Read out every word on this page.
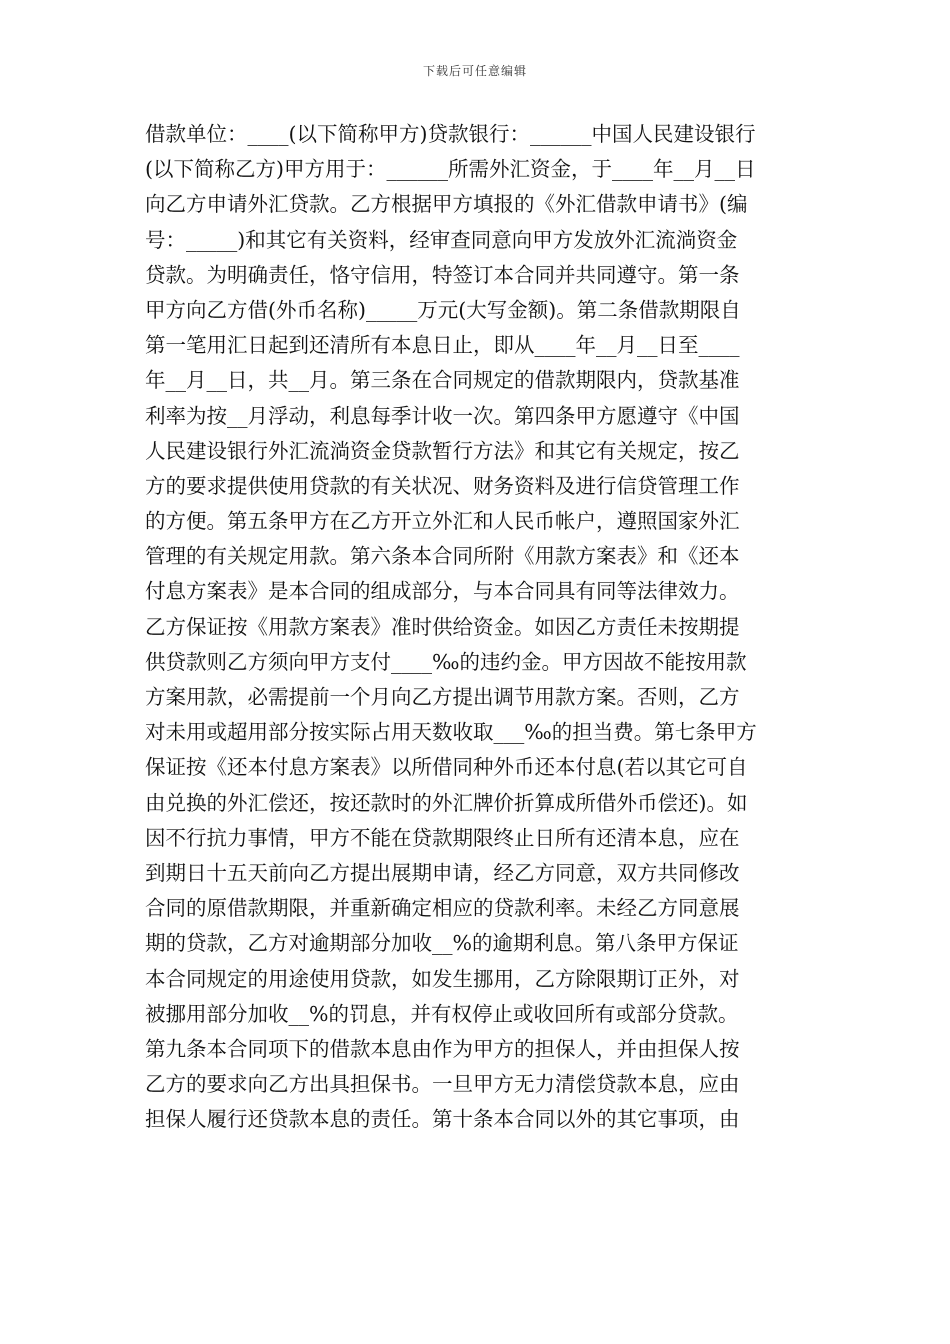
下载后可任意编辑
借款单位：____(以下简称甲方)贷款银行：______中国人民建设银行
(以下简称乙方)甲方用于：______所需外汇资金，于____年__月__日
向乙方申请外汇贷款。乙方根据甲方填报的《外汇借款申请书》(编
号：_____)和其它有关资料，经审查同意向甲方发放外汇流淌资金
贷款。为明确责任，恪守信用，特签订本合同并共同遵守。第一条
甲方向乙方借(外币名称)_____万元(大写金额)。第二条借款期限自
第一笔用汇日起到还清所有本息日止，即从____年__月__日至____
年__月__日，共__月。第三条在合同规定的借款期限内，贷款基准
利率为按__月浮动，利息每季计收一次。第四条甲方愿遵守《中国
人民建设银行外汇流淌资金贷款暂行方法》和其它有关规定，按乙
方的要求提供使用贷款的有关状况、财务资料及进行信贷管理工作
的方便。第五条甲方在乙方开立外汇和人民币帐户，遵照国家外汇
管理的有关规定用款。第六条本合同所附《用款方案表》和《还本
付息方案表》是本合同的组成部分，与本合同具有同等法律效力。
乙方保证按《用款方案表》准时供给资金。如因乙方责任未按期提
供贷款则乙方须向甲方支付____‰的违约金。甲方因故不能按用款
方案用款，必需提前一个月向乙方提出调节用款方案。否则，乙方
对未用或超用部分按实际占用天数收取___‰的担当费。第七条甲方
保证按《还本付息方案表》以所借同种外币还本付息(若以其它可自
由兑换的外汇偿还，按还款时的外汇牌价折算成所借外币偿还)。如
因不行抗力事情，甲方不能在贷款期限终止日所有还清本息，应在
到期日十五天前向乙方提出展期申请，经乙方同意，双方共同修改
合同的原借款期限，并重新确定相应的贷款利率。未经乙方同意展
期的贷款，乙方对逾期部分加收__%的逾期利息。第八条甲方保证
本合同规定的用途使用贷款，如发生挪用，乙方除限期订正外，对
被挪用部分加收__%的罚息，并有权停止或收回所有或部分贷款。
第九条本合同项下的借款本息由作为甲方的担保人，并由担保人按
乙方的要求向乙方出具担保书。一旦甲方无力清偿贷款本息，应由
担保人履行还贷款本息的责任。第十条本合同以外的其它事项，由
